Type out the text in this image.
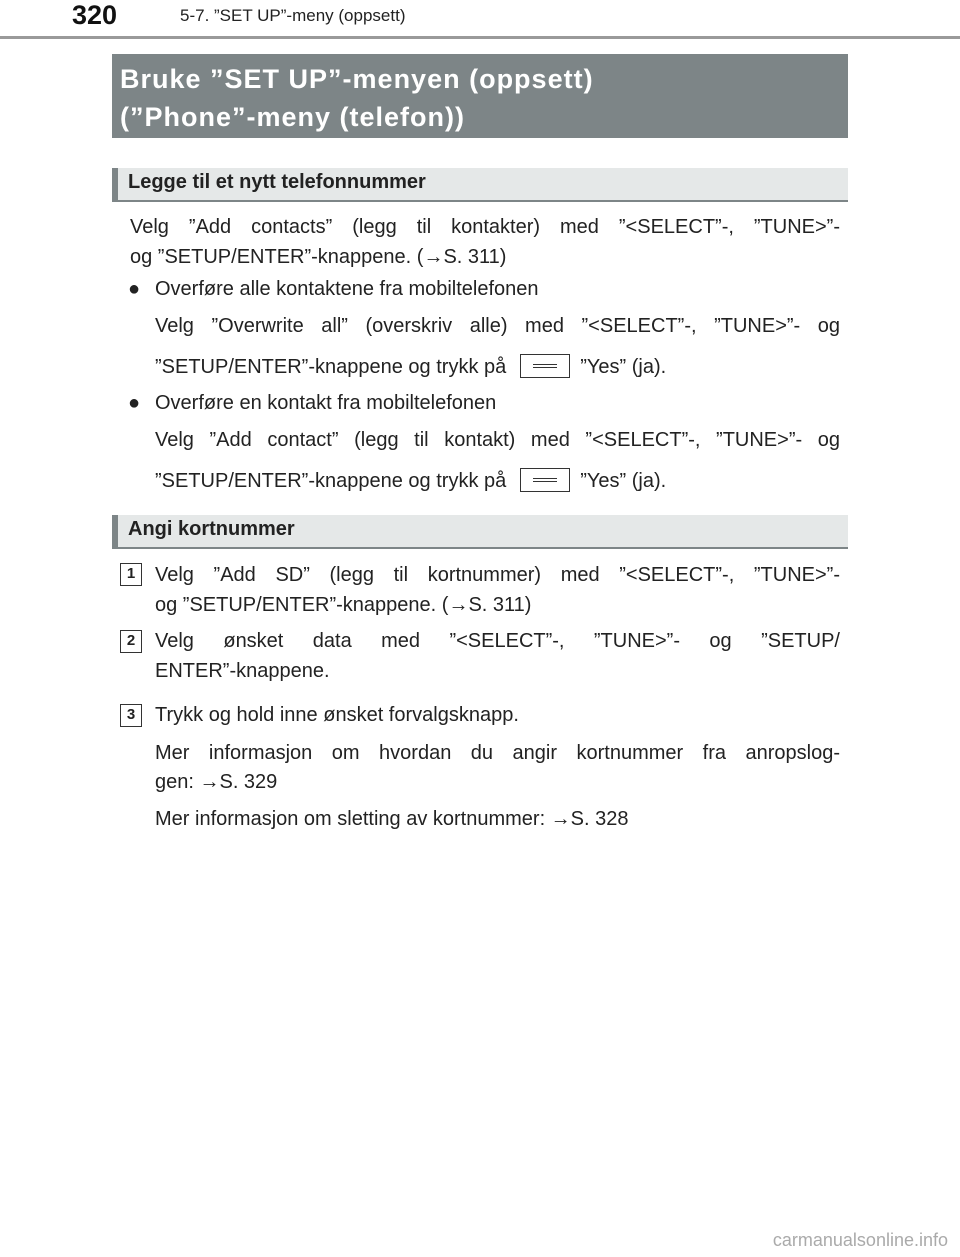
320	5-7. ”SET UP”-meny (oppsett)
Bruke ”SET UP”-menyen (oppsett)
(”Phone”-meny (telefon))
Legge til et nytt telefonnummer
Velg ”Add contacts” (legg til kontakter) med ”<SELECT”-, ”TUNE>”-
og ”SETUP/ENTER”-knappene. (→S. 311)
● Overføre alle kontaktene fra mobiltelefonen
Velg ”Overwrite all” (overskriv alle) med ”<SELECT”-, ”TUNE>”- og
”SETUP/ENTER”-knappene og trykk på	”Yes” (ja).
● Overføre en kontakt fra mobiltelefonen
Velg ”Add contact” (legg til kontakt) med ”<SELECT”-, ”TUNE>”- og
”SETUP/ENTER”-knappene og trykk på	”Yes” (ja).
Angi kortnummer
1 Velg ”Add SD” (legg til kortnummer) med ”<SELECT”-, ”TUNE>”-
og ”SETUP/ENTER”-knappene. (→S. 311)
2 Velg ønsket data med ”<SELECT”-, ”TUNE>”- og ”SETUP/
ENTER”-knappene.
3 Trykk og hold inne ønsket forvalgsknapp.
Mer informasjon om hvordan du angir kortnummer fra anropslog-
gen: →S. 329
Mer informasjon om sletting av kortnummer: →S. 328
carmanualsonline.info
